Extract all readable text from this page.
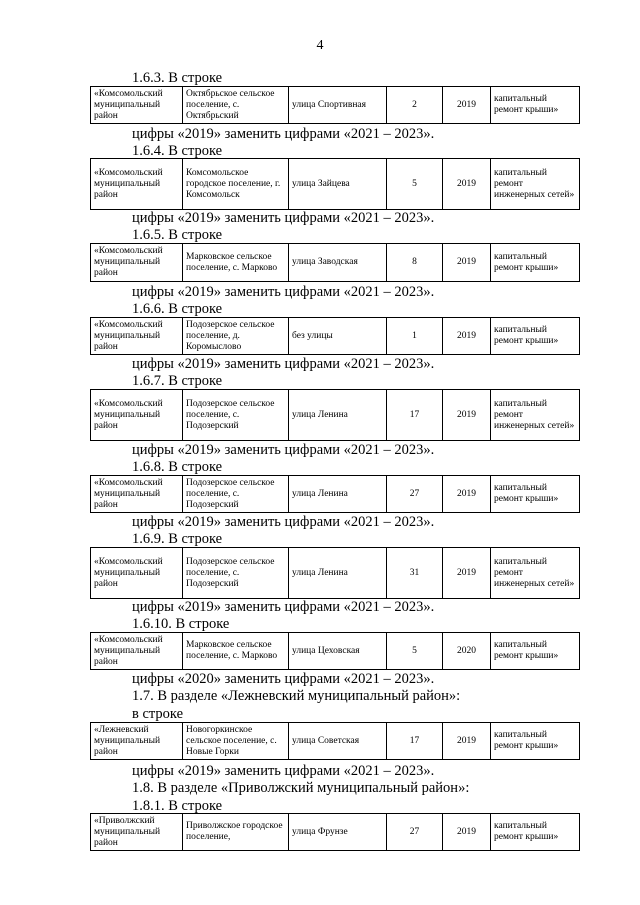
4
1.6.3. В строке
«Комсомольский муниципальный район	Октябрьское сельское поселение, с. Октябрьский	улица Спортивная	2	2019	капитальный ремонт крыши»
цифры «2019» заменить цифрами «2021 – 2023».
1.6.4. В строке
«Комсомольский муниципальный район	Комсомольское городское поселение, г. Комсомольск	улица Зайцева	5	2019	капитальный ремонт инженерных сетей»
цифры «2019» заменить цифрами «2021 – 2023».
1.6.5. В строке
«Комсомольский муниципальный район	Марковское сельское поселение, с. Марково	улица Заводская	8	2019	капитальный ремонт крыши»
цифры «2019» заменить цифрами «2021 – 2023».
1.6.6. В строке
«Комсомольский муниципальный район	Подозерское сельское поселение, д. Коромыслово	без улицы	1	2019	капитальный ремонт крыши»
цифры «2019» заменить цифрами «2021 – 2023».
1.6.7. В строке
«Комсомольский муниципальный район	Подозерское сельское поселение, с. Подозерский	улица Ленина	17	2019	капитальный ремонт инженерных сетей»
цифры «2019» заменить цифрами «2021 – 2023».
1.6.8. В строке
«Комсомольский муниципальный район	Подозерское сельское поселение, с. Подозерский	улица Ленина	27	2019	капитальный ремонт крыши»
цифры «2019» заменить цифрами «2021 – 2023».
1.6.9. В строке
«Комсомольский муниципальный район	Подозерское сельское поселение, с. Подозерский	улица Ленина	31	2019	капитальный ремонт инженерных сетей»
цифры «2019» заменить цифрами «2021 – 2023».
1.6.10. В строке
«Комсомольский муниципальный район	Марковское сельское поселение, с. Марково	улица Цеховская	5	2020	капитальный ремонт крыши»
цифры «2020» заменить цифрами «2021 – 2023».
1.7. В разделе «Лежневский муниципальный район»:
в строке
«Лежневский муниципальный район	Новогоркинское сельское поселение, с. Новые Горки	улица Советская	17	2019	капитальный ремонт крыши»
цифры «2019» заменить цифрами «2021 – 2023».
1.8. В разделе «Приволжский муниципальный район»:
1.8.1. В строке
«Приволжский муниципальный район	Приволжское городское поселение,	улица Фрунзе	27	2019	капитальный ремонт крыши»
